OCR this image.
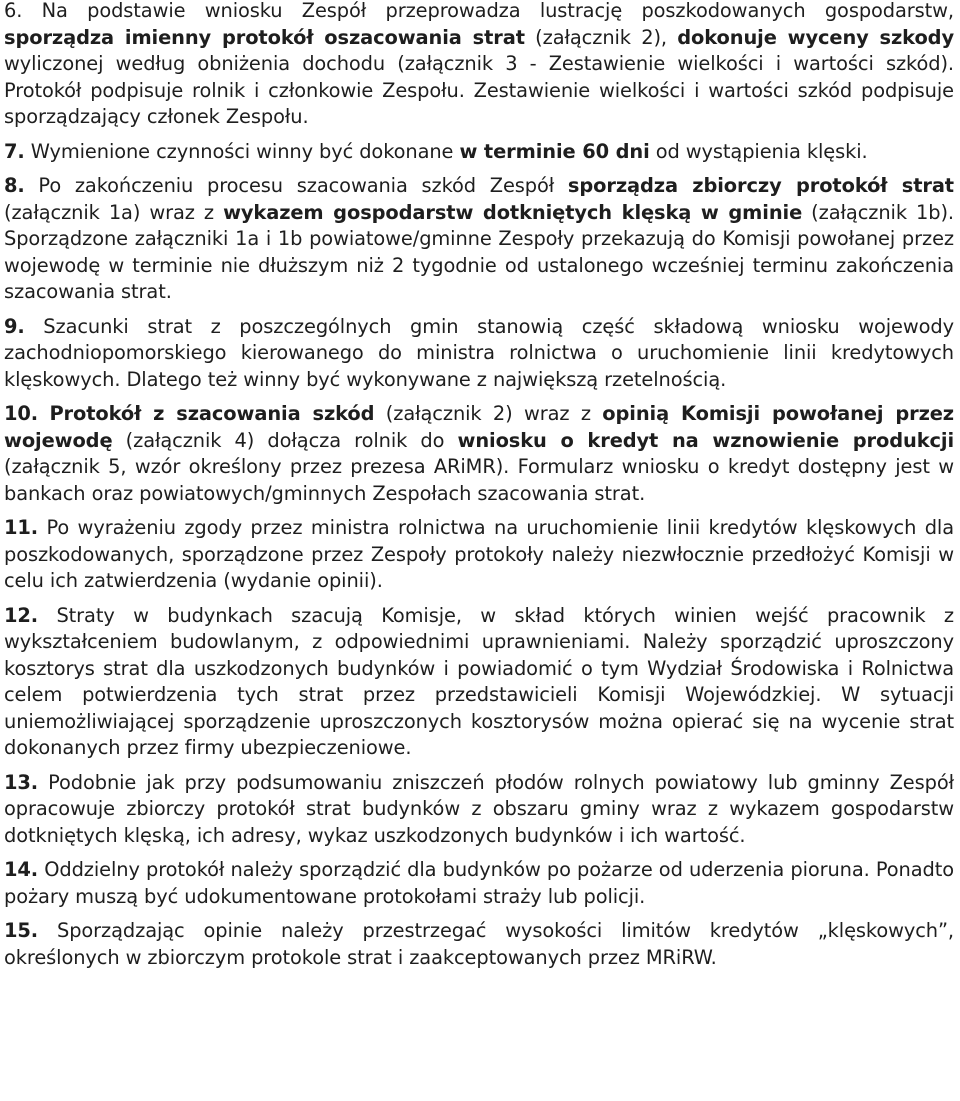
6. Na podstawie wniosku Zespół przeprowadza lustrację poszkodowanych gospodarstw, sporządza imienny protokół oszacowania strat (załącznik 2), dokonuje wyceny szkody wyliczonej według obniżenia dochodu (załącznik 3 - Zestawienie wielkości i wartości szkód). Protokół podpisuje rolnik i członkowie Zespołu. Zestawienie wielkości i wartości szkód podpisuje sporządzający członek Zespołu.

7. Wymienione czynności winny być dokonane w terminie 60 dni od wystąpienia klęski.

8. Po zakończeniu procesu szacowania szkód Zespół sporządza zbiorczy protokół strat (załącznik 1a) wraz z wykazem gospodarstw dotkniętych klęską w gminie (załącznik 1b). Sporządzone załączniki 1a i 1b powiatowe/gminne Zespoły przekazują do Komisji powołanej przez wojewodę w terminie nie dłuższym niż 2 tygodnie od ustalonego wcześniej terminu zakończenia szacowania strat.

9. Szacunki strat z poszczególnych gmin stanowią część składową wniosku wojewody zachodniopomorskiego kierowanego do ministra rolnictwa o uruchomienie linii kredytowych klęskowych. Dlatego też winny być wykonywane z największą rzetelnością.

10. Protokół z szacowania szkód (załącznik 2) wraz z opinią Komisji powołanej przez wojewodę (załącznik 4) dołącza rolnik do wniosku o kredyt na wznowienie produkcji (załącznik 5, wzór określony przez prezesa ARiMR). Formularz wniosku o kredyt dostępny jest w bankach oraz powiatowych/gminnych Zespołach szacowania strat.

11. Po wyrażeniu zgody przez ministra rolnictwa na uruchomienie linii kredytów klęskowych dla poszkodowanych, sporządzone przez Zespoły protokoły należy niezwłocznie przedłożyć Komisji w celu ich zatwierdzenia (wydanie opinii).

12. Straty w budynkach szacują Komisje, w skład których winien wejść pracownik z wykształceniem budowlanym, z odpowiednimi uprawnieniami. Należy sporządzić uproszczony kosztorys strat dla uszkodzonych budynków i powiadomić o tym Wydział Środowiska i Rolnictwa celem potwierdzenia tych strat przez przedstawicieli Komisji Wojewódzkiej. W sytuacji uniemożliwiającej sporządzenie uproszczonych kosztorysów można opierać się na wycenie strat dokonanych przez firmy ubezpieczeniowe.

13. Podobnie jak przy podsumowaniu zniszczeń płodów rolnych powiatowy lub gminny Zespół opracowuje zbiorczy protokół strat budynków z obszaru gminy wraz z wykazem gospodarstw dotkniętych klęską, ich adresy, wykaz uszkodzonych budynków i ich wartość.

14. Oddzielny protokół należy sporządzić dla budynków po pożarze od uderzenia pioruna. Ponadto pożary muszą być udokumentowane protokołami straży lub policji.

15. Sporządzając opinie należy przestrzegać wysokości limitów kredytów „klęskowych”, określonych w zbiorczym protokole strat i zaakceptowanych przez MRiRW.
